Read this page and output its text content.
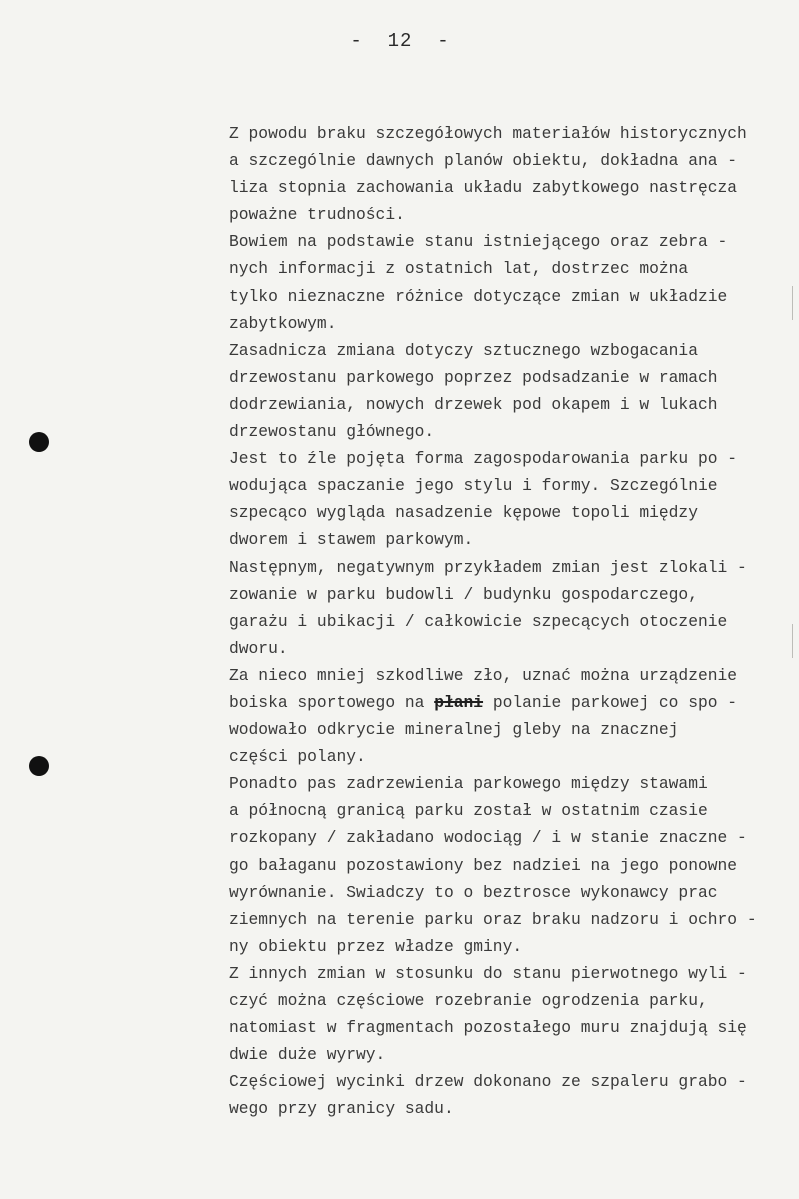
-  12  -
Z powodu braku szczegółowych materiałów historycznych
a szczególnie dawnych planów obiektu, dokładna ana -
liza stopnia zachowania układu zabytkowego nastręcza
poważne trudności.
Bowiem na podstawie stanu istniejącego oraz zebra -
nych informacji z ostatnich lat, dostrzec można
tylko nieznaczne różnice dotyczące zmian w układzie
zabytkowym.
Zasadnicza zmiana dotyczy sztucznego wzbogacania
drzewostanu parkowego poprzez podsadzanie w ramach
dodrzewiania, nowych drzewek pod okapem i w lukach
drzewostanu głównego.
Jest to źle pojęta forma zagospodarowania parku po -
wodująca spaczanie jego stylu i formy. Szczególnie
szpecąco wygląda nasadzenie kępowe topoli między
dworem i stawem parkowym.
Następnym, negatywnym przykładem zmian jest zlokali -
zowanie w parku budowli / budynku gospodarczego,
garażu i ubikacji / całkowicie szpecących otoczenie
dworu.
Za nieco mniej szkodliwe zło, uznać można urządzenie
boiska sportowego na płani polanie parkowej co spo -
wodowało odkrycie mineralnej gleby na znacznej
części polany.
Ponadto pas zadrzewienia parkowego między stawami
a północną granicą parku został w ostatnim czasie
rozkopany / zakładano wodociąg / i w stanie znaczne -
go bałaganu pozostawiony bez nadziei na jego ponowne
wyrównanie. Swiadczy to o beztrosce wykonawcy prac
ziemnych na terenie parku oraz braku nadzoru i ochro -
ny obiektu przez władze gminy.
Z innych zmian w stosunku do stanu pierwotnego wyli -
czyć można częściowe rozebranie ogrodzenia parku,
natomiast w fragmentach pozostałego muru znajdują się
dwie duże wyrwy.
Częściowej wycinki drzew dokonano ze szpaleru grabo -
wego przy granicy sadu.
